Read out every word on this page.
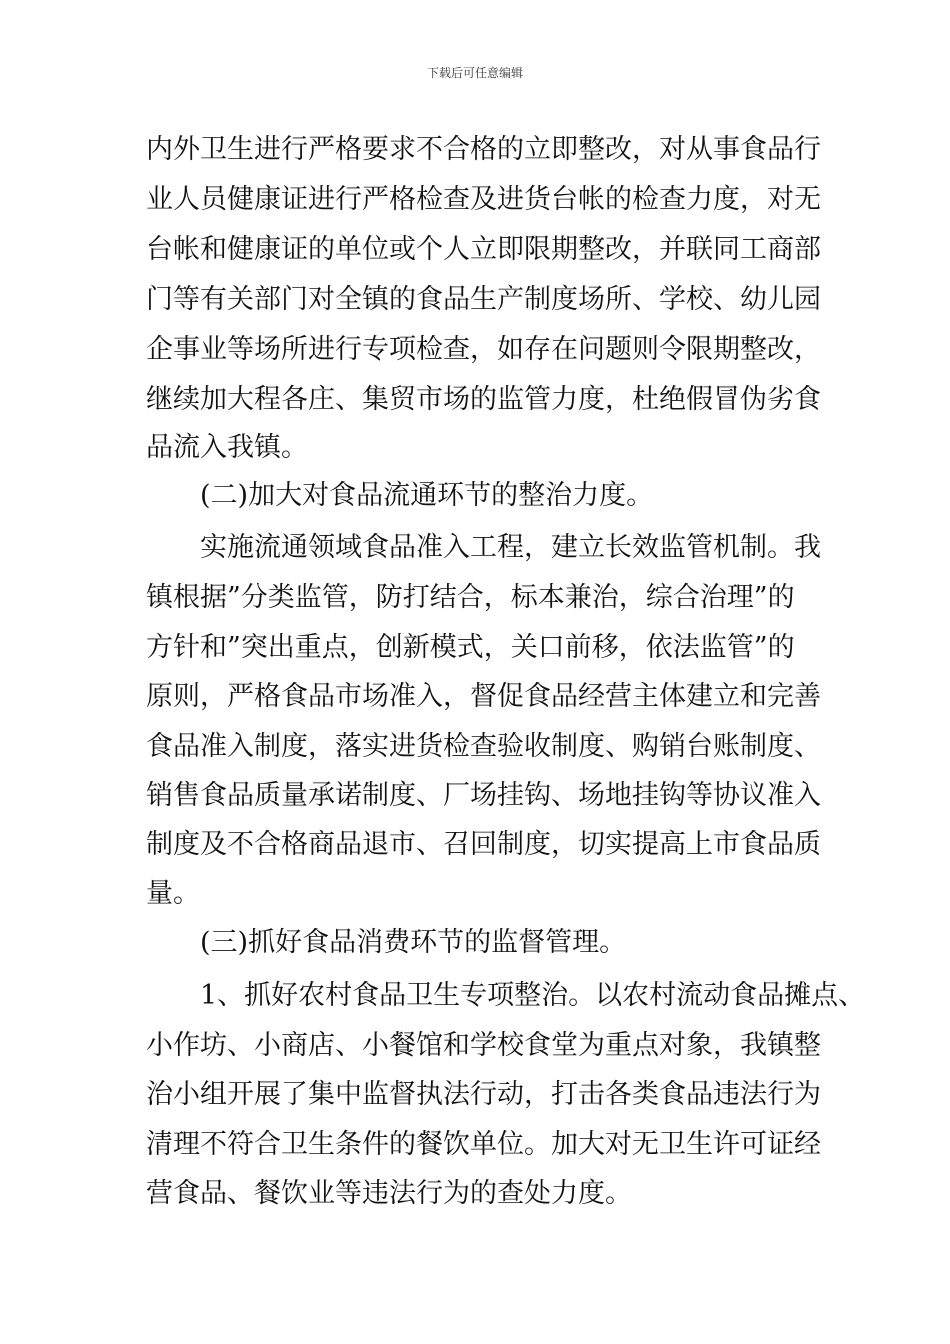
下载后可任意编辑
内外卫生进行严格要求不合格的立即整改，对从事食品行
业人员健康证进行严格检查及进货台帐的检查力度，对无
台帐和健康证的单位或个人立即限期整改，并联同工商部
门等有关部门对全镇的食品生产制度场所、学校、幼儿园
企事业等场所进行专项检查，如存在问题则令限期整改，
继续加大程各庄、集贸市场的监管力度，杜绝假冒伪劣食
品流入我镇。
(二)加大对食品流通环节的整治力度。
实施流通领域食品准入工程，建立长效监管机制。我
镇根据”分类监管，防打结合，标本兼治，综合治理”的
方针和”突出重点，创新模式，关口前移，依法监管”的
原则，严格食品市场准入，督促食品经营主体建立和完善
食品准入制度，落实进货检查验收制度、购销台账制度、
销售食品质量承诺制度、厂场挂钩、场地挂钩等协议准入
制度及不合格商品退市、召回制度，切实提高上市食品质
量。
(三)抓好食品消费环节的监督管理。
1、抓好农村食品卫生专项整治。以农村流动食品摊点、
小作坊、小商店、小餐馆和学校食堂为重点对象，我镇整
治小组开展了集中监督执法行动，打击各类食品违法行为
清理不符合卫生条件的餐饮单位。加大对无卫生许可证经
营食品、餐饮业等违法行为的查处力度。
